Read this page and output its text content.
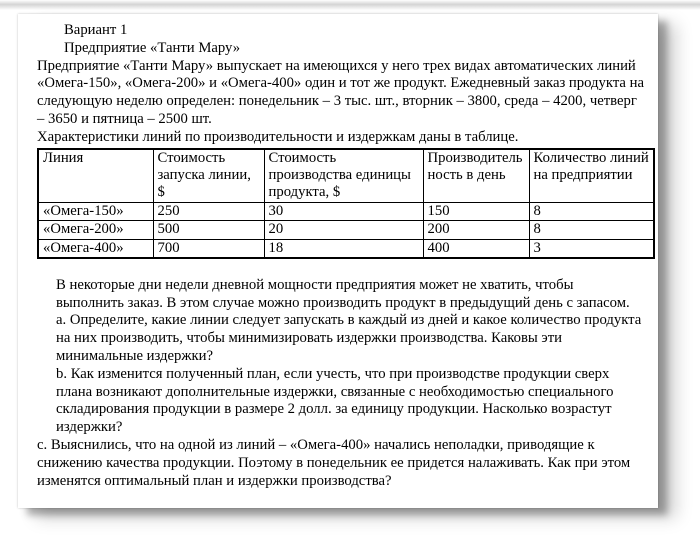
Вариант 1
Предприятие «Танти Мару»
Предприятие «Танти Мару» выпускает на имеющихся у него трех видах автоматических линий «Омега-150», «Омега-200» и «Омега-400» один и тот же продукт. Ежедневный заказ продукта на следующую неделю определен: понедельник – 3 тыс. шт., вторник – 3800, среда – 4200, четверг – 3650 и пятница – 2500 шт.
Характеристики линий по производительности и издержкам даны в таблице.
Линия	Стоимость запуска линии, $	Стоимость производства единицы продукта, $	Производительность в день	Количество линий на предприятии
«Омега-150»	250	30	150	8
«Омега-200»	500	20	200	8
«Омега-400»	700	18	400	3
В некоторые дни недели дневной мощности предприятия может не хватить, чтобы выполнить заказ. В этом случае можно производить продукт в предыдущий день с запасом.
a. Определите, какие линии следует запускать в каждый из дней и какое количество продукта на них производить, чтобы минимизировать издержки производства. Каковы эти минимальные издержки?
b. Как изменится полученный план, если учесть, что при производстве продукции сверх плана возникают дополнительные издержки, связанные с необходимостью специального складирования продукции в размере 2 долл. за единицу продукции. Насколько возрастут издержки?
c. Выяснились, что на одной из линий – «Омега-400» начались неполадки, приводящие к снижению качества продукции. Поэтому в понедельник ее придется налаживать. Как при этом изменятся оптимальный план и издержки производства?
